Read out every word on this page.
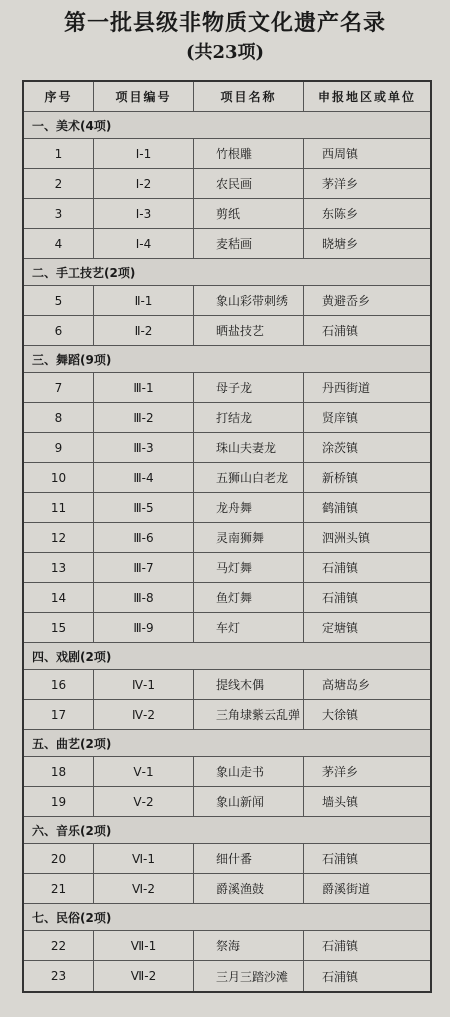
第一批县级非物质文化遗产名录
(共23项)
序号	项目编号	项目名称	申报地区或单位
一、美术(4项)
1	Ⅰ-1	竹根雕	西周镇
2	Ⅰ-2	农民画	茅洋乡
3	Ⅰ-3	剪纸	东陈乡
4	Ⅰ-4	麦秸画	晓塘乡
二、手工技艺(2项)
5	Ⅱ-1	象山彩带刺绣	黄避岙乡
6	Ⅱ-2	晒盐技艺	石浦镇
三、舞蹈(9项)
7	Ⅲ-1	母子龙	丹西街道
8	Ⅲ-2	打结龙	贤庠镇
9	Ⅲ-3	珠山夫妻龙	涂茨镇
10	Ⅲ-4	五狮山白老龙	新桥镇
11	Ⅲ-5	龙舟舞	鹤浦镇
12	Ⅲ-6	灵南狮舞	泗洲头镇
13	Ⅲ-7	马灯舞	石浦镇
14	Ⅲ-8	鱼灯舞	石浦镇
15	Ⅲ-9	车灯	定塘镇
四、戏剧(2项)
16	Ⅳ-1	提线木偶	高塘岛乡
17	Ⅳ-2	三角埭紫云乱弹	大徐镇
五、曲艺(2项)
18	Ⅴ-1	象山走书	茅洋乡
19	Ⅴ-2	象山新闻	墙头镇
六、音乐(2项)
20	Ⅵ-1	细什番	石浦镇
21	Ⅵ-2	爵溪渔鼓	爵溪街道
七、民俗(2项)
22	Ⅶ-1	祭海	石浦镇
23	Ⅶ-2	三月三踏沙滩	石浦镇
